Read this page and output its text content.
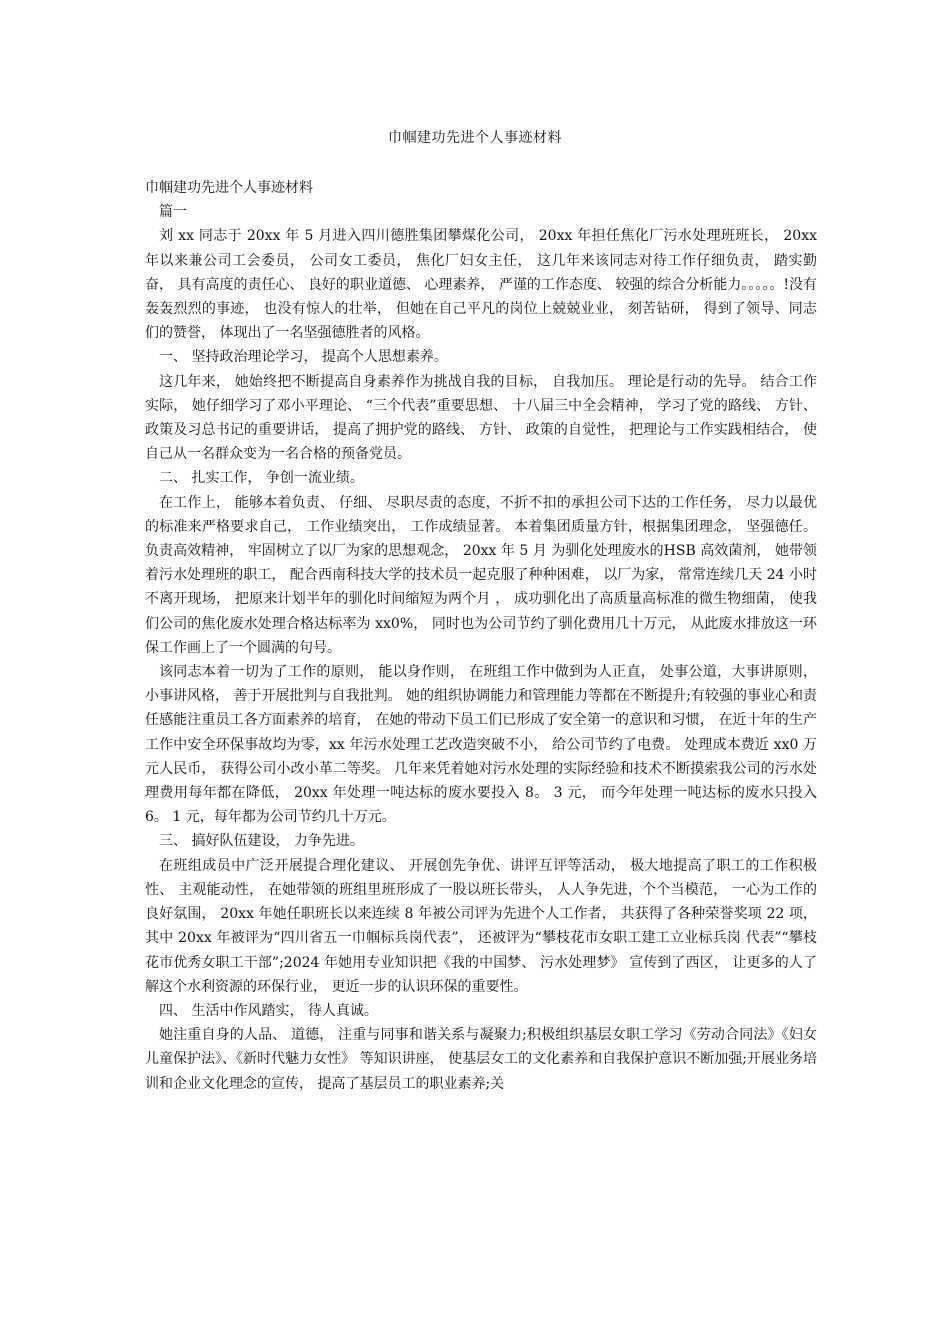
巾帼建功先进个人事迹材料

巾帼建功先进个人事迹材料

篇一

刘 xx 同志于 20xx 年 5 月进入四川德胜集团攀煤化公司， 20xx 年担任焦化厂污水处理班班长， 20xx 年以来兼公司工会委员， 公司女工委员， 焦化厂妇女主任， 这几年来该同志对待工作仔细负责， 踏实勤奋， 具有高度的责任心、 良好的职业道德、 心理素养， 严谨的工作态度、 较强的综合分析能力。。。。。!没有轰轰烈烈的事迹， 也没有惊人的壮举， 但她在自己平凡的岗位上兢兢业业， 刻苦钻研， 得到了领导、同志们的赞誉， 体现出了一名坚强德胜者的风格。

一、 坚持政治理论学习， 提高个人思想素养。

这几年来， 她始终把不断提高自身素养作为挑战自我的目标， 自我加压。 理论是行动的先导。 结合工作实际， 她仔细学习了邓小平理论、 “三个代表”重要思想、 十八届三中全会精神， 学习了党的路线、 方针、 政策及习总书记的重要讲话， 提高了拥护党的路线、 方针、 政策的自觉性， 把理论与工作实践相结合， 使自己从一名群众变为一名合格的预备党员。

二、 扎实工作， 争创一流业绩。

在工作上， 能够本着负责、 仔细、 尽职尽责的态度，不折不扣的承担公司下达的工作任务， 尽力以最优的标准来严格要求自己， 工作业绩突出， 工作成绩显著。 本着集团质量方针，根据集团理念， 坚强德任。 负责高效精神， 牢固树立了以厂为家的思想观念， 20xx 年 5 月 为驯化处理废水的HSB 高效菌剂， 她带领着污水处理班的职工， 配合西南科技大学的技术员一起克服了种种困难， 以厂为家， 常常连续几天 24 小时不离开现场， 把原来计划半年的驯化时间缩短为两个月 ， 成功驯化出了高质量高标准的微生物细菌， 使我们公司的焦化废水处理合格达标率为 xx0%， 同时也为公司节约了驯化费用几十万元， 从此废水排放这一环保工作画上了一个圆满的句号。

该同志本着一切为了工作的原则， 能以身作则， 在班组工作中做到为人正直， 处事公道，大事讲原则， 小事讲风格， 善于开展批判与自我批判。 她的组织协调能力和管理能力等都在不断提升;有较强的事业心和责任感能注重员工各方面素养的培育， 在她的带动下员工们已形成了安全第一的意识和习惯， 在近十年的生产工作中安全环保事故均为零，xx 年污水处理工艺改造突破不小， 给公司节约了电费。 处理成本费近 xx0 万元人民币， 获得公司小改小革二等奖。 几年来凭着她对污水处理的实际经验和技术不断摸索我公司的污水处理费用每年都在降低， 20xx 年处理一吨达标的废水要投入 8。 3 元， 而今年处理一吨达标的废水只投入 6。 1 元，每年都为公司节约几十万元。

三、 搞好队伍建设， 力争先进。

在班组成员中广泛开展提合理化建议、 开展创先争优、讲评互评等活动， 极大地提高了职工的工作积极性、 主观能动性， 在她带领的班组里班形成了一股以班长带头， 人人争先进，个个当模范， 一心为工作的良好氛围， 20xx 年她任职班长以来连续 8 年被公司评为先进个人工作者， 共获得了各种荣誉奖项 22 项， 其中 20xx 年被评为“四川省五一巾帼标兵岗代表”， 还被评为“攀枝花市女职工建工立业标兵岗 代表”“攀枝花市优秀女职工干部”;2024 年她用专业知识把《我的中国梦、 污水处理梦》 宣传到了西区， 让更多的人了解这个水利资源的环保行业， 更近一步的认识环保的重要性。

四、 生活中作风踏实， 待人真诚。

她注重自身的人品、 道德， 注重与同事和谐关系与凝聚力;积极组织基层女职工学习《劳动合同法》《妇女儿童保护法》、《新时代魅力女性》 等知识讲座， 使基层女工的文化素养和自我保护意识不断加强;开展业务培训和企业文化理念的宣传， 提高了基层员工的职业素养;关
